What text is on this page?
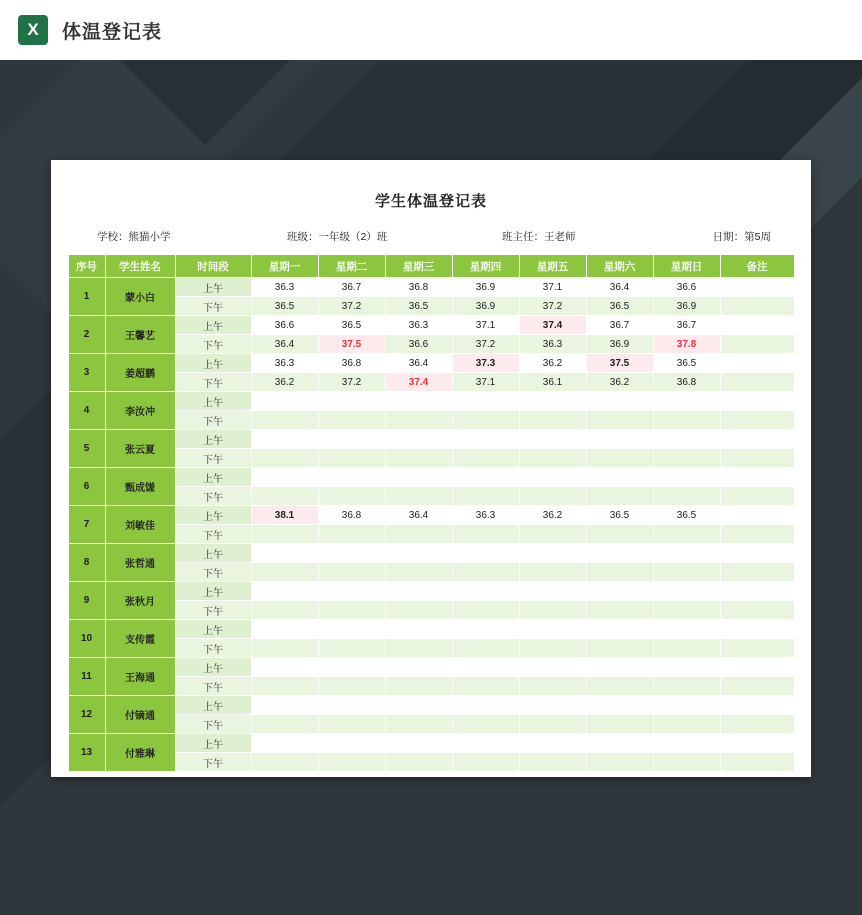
X	体温登记表
学生体温登记表
学校：熊猫小学	班级：一年级（2）班	班主任：王老师	日期：第5周
序号	学生姓名	时间段	星期一	星期二	星期三	星期四	星期五	星期六	星期日	备注
1	蒙小白	上午	36.3	36.7	36.8	36.9	37.1	36.4	36.6	
		下午	36.5	37.2	36.5	36.9	37.2	36.5	36.9	
2	王馨艺	上午	36.6	36.5	36.3	37.1	37.4	36.7	36.7	
		下午	36.4	37.5	36.6	37.2	36.3	36.9	37.8	
3	姜超鹏	上午	36.3	36.8	36.4	37.3	36.2	37.5	36.5	
		下午	36.2	37.2	37.4	37.1	36.1	36.2	36.8	
4	李汝冲	上午								
		下午								
5	张云夏	上午								
		下午								
6	甄成馐	上午								
		下午								
7	刘敏佳	上午	38.1	36.8	36.4	36.3	36.2	36.5	36.5	
		下午								
8	张哲通	上午								
		下午								
9	张秋月	上午								
		下午								
10	支传霞	上午								
		下午								
11	王海通	上午								
		下午								
12	付镝通	上午								
		下午								
13	付雅琳	上午								
		下午								
